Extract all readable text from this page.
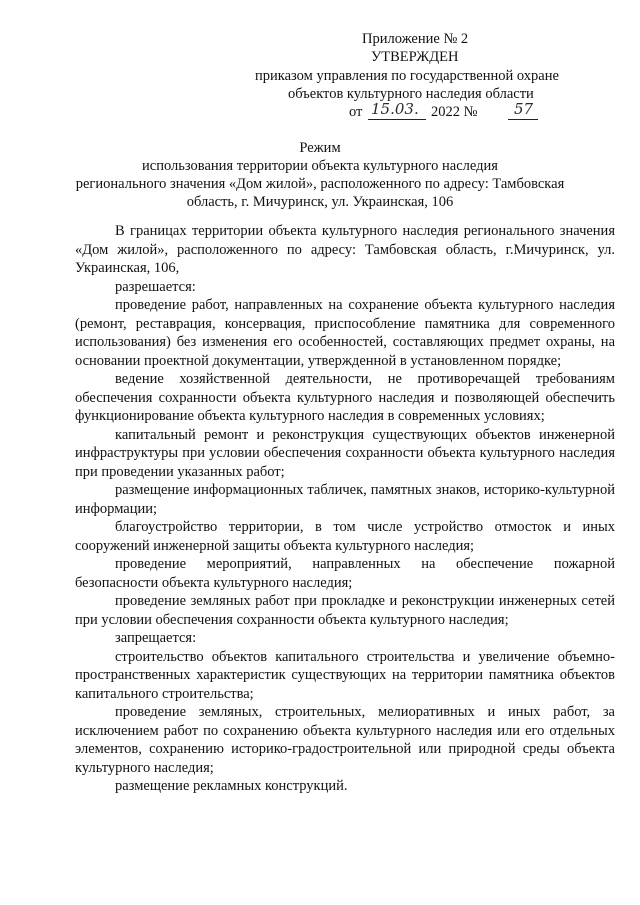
Приложение № 2
УТВЕРЖДЕН
приказом управления по государственной охране
объектов культурного наследия области
от 15.03. 2022 № 57
Режим
использования территории объекта культурного наследия
регионального значения «Дом жилой», расположенного по адресу: Тамбовская
область, г. Мичуринск, ул. Украинская, 106

В границах территории объекта культурного наследия регионального значения «Дом жилой», расположенного по адресу: Тамбовская область, г.Мичуринск, ул. Украинская, 106,

разрешается:

проведение работ, направленных на сохранение объекта культурного наследия (ремонт, реставрация, консервация, приспособление памятника для современного использования) без изменения его особенностей, составляющих предмет охраны, на основании проектной документации, утвержденной в установленном порядке;

ведение хозяйственной деятельности, не противоречащей требованиям обеспечения сохранности объекта культурного наследия и позволяющей обеспечить функционирование объекта культурного наследия в современных условиях;

капитальный ремонт и реконструкция существующих объектов инженерной инфраструктуры при условии обеспечения сохранности объекта культурного наследия при проведении указанных работ;

размещение информационных табличек, памятных знаков, историко-культурной информации;

благоустройство территории, в том числе устройство отмосток и иных сооружений инженерной защиты объекта культурного наследия;

проведение мероприятий, направленных на обеспечение пожарной безопасности объекта культурного наследия;

проведение земляных работ при прокладке и реконструкции инженерных сетей при условии обеспечения сохранности объекта культурного наследия;

запрещается:

строительство объектов капитального строительства и увеличение объемно-пространственных характеристик существующих на территории памятника объектов капитального строительства;

проведение земляных, строительных, мелиоративных и иных работ, за исключением работ по сохранению объекта культурного наследия или его отдельных элементов, сохранению историко-градостроительной или природной среды объекта культурного наследия;

размещение рекламных конструкций.
